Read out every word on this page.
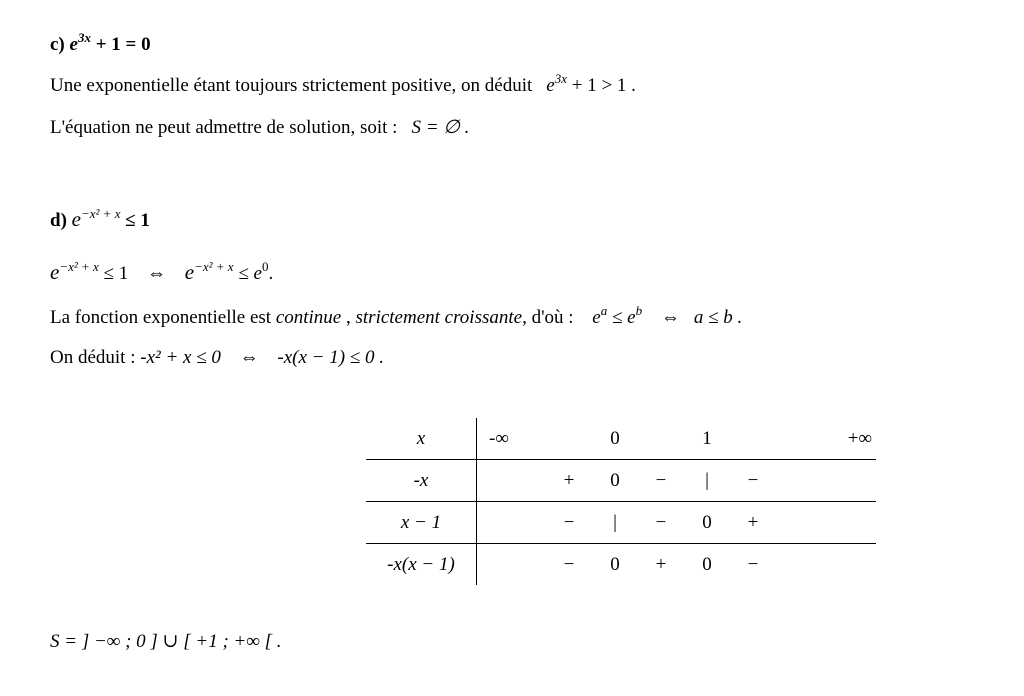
c) $e^{3x} + 1 = 0$
Une exponentielle étant toujours strictement positive, on déduit $e^{3x} + 1 > 1$ .
L'équation ne peut admettre de solution, soit : S = ∅ .
d) $e^{-x^2 + x} \le 1$
$e^{-x^2 + x} \le 1$ ⇔ $e^{-x^2 + x} \le e^0$.
La fonction exponentielle est continue , strictement croissante, d'où : $e^a \le e^b$ ⇔ a ≤ b .
On déduit : -x² + x ≤ 0 ⇔ -x(x − 1) ≤ 0 .
x	-∞			0		1		+∞	
-x			+	0	−	|	−		
x − 1			−	|	−	0	+		
-x(x − 1)			−	0	+	0	−		
S = ] −∞ ; 0 ] ∪ [ +1 ; +∞ [ .
